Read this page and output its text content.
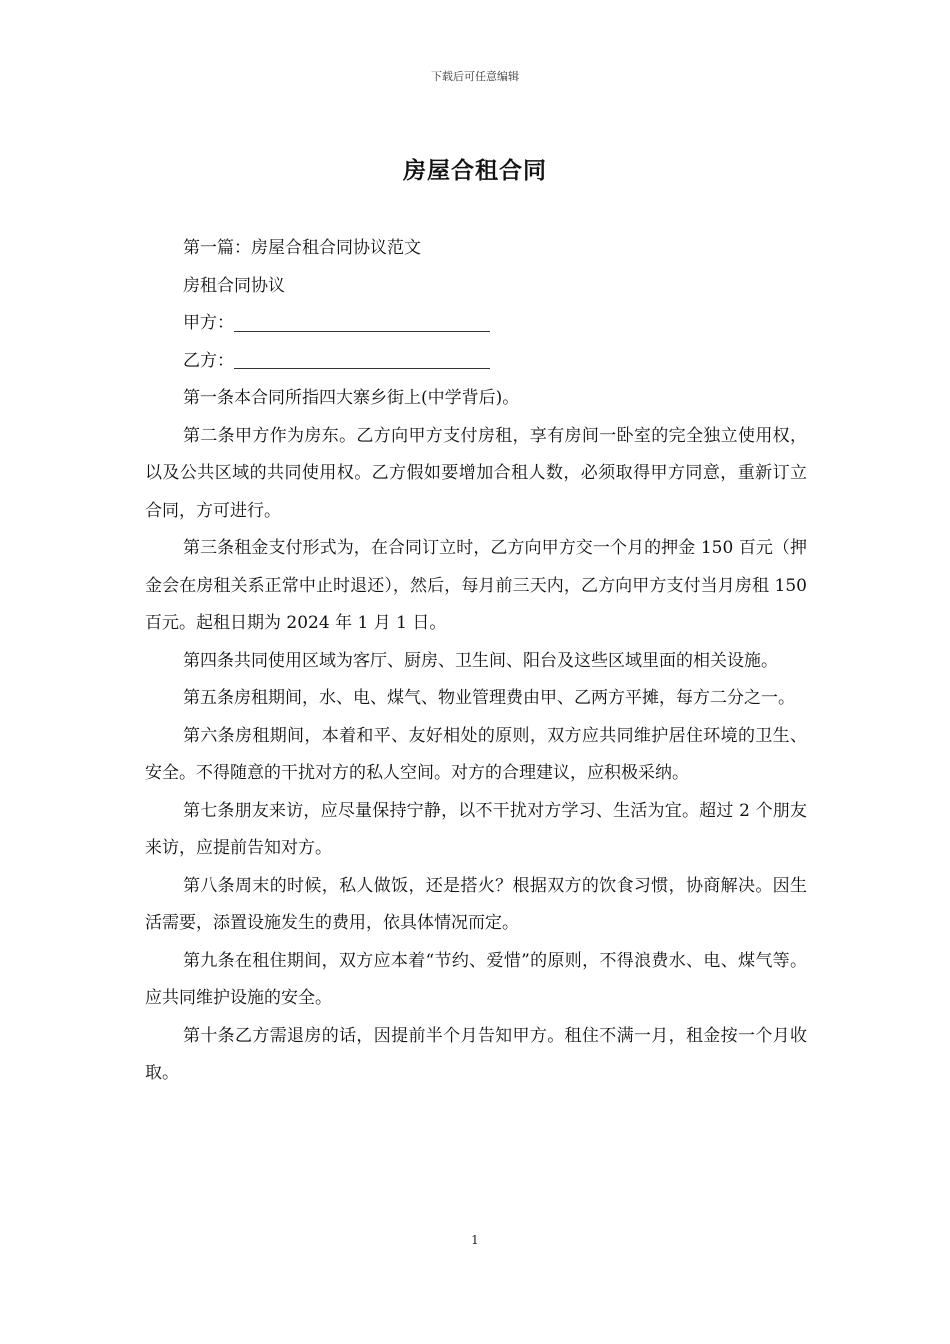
下载后可任意编辑
房屋合租合同

第一篇：房屋合租合同协议范文

房租合同协议

甲方：

乙方：

第一条本合同所指四大寨乡街上(中学背后)。

第二条甲方作为房东。乙方向甲方支付房租，享有房间一卧室的完全独立使用权，以及公共区域的共同使用权。乙方假如要增加合租人数，必须取得甲方同意，重新订立合同，方可进行。

第三条租金支付形式为，在合同订立时，乙方向甲方交一个月的押金 150 百元（押金会在房租关系正常中止时退还），然后，每月前三天内，乙方向甲方支付当月房租 150 百元。起租日期为 2024 年 1 月 1 日。

第四条共同使用区域为客厅、厨房、卫生间、阳台及这些区域里面的相关设施。

第五条房租期间，水、电、煤气、物业管理费由甲、乙两方平摊，每方二分之一。

第六条房租期间，本着和平、友好相处的原则，双方应共同维护居住环境的卫生、安全。不得随意的干扰对方的私人空间。对方的合理建议，应积极采纳。

第七条朋友来访，应尽量保持宁静，以不干扰对方学习、生活为宜。超过 2 个朋友来访，应提前告知对方。

第八条周末的时候，私人做饭，还是搭火？根据双方的饮食习惯，协商解决。因生活需要，添置设施发生的费用，依具体情况而定。

第九条在租住期间，双方应本着“节约、爱惜”的原则，不得浪费水、电、煤气等。应共同维护设施的安全。

第十条乙方需退房的话，因提前半个月告知甲方。租住不满一月，租金按一个月收取。

1
